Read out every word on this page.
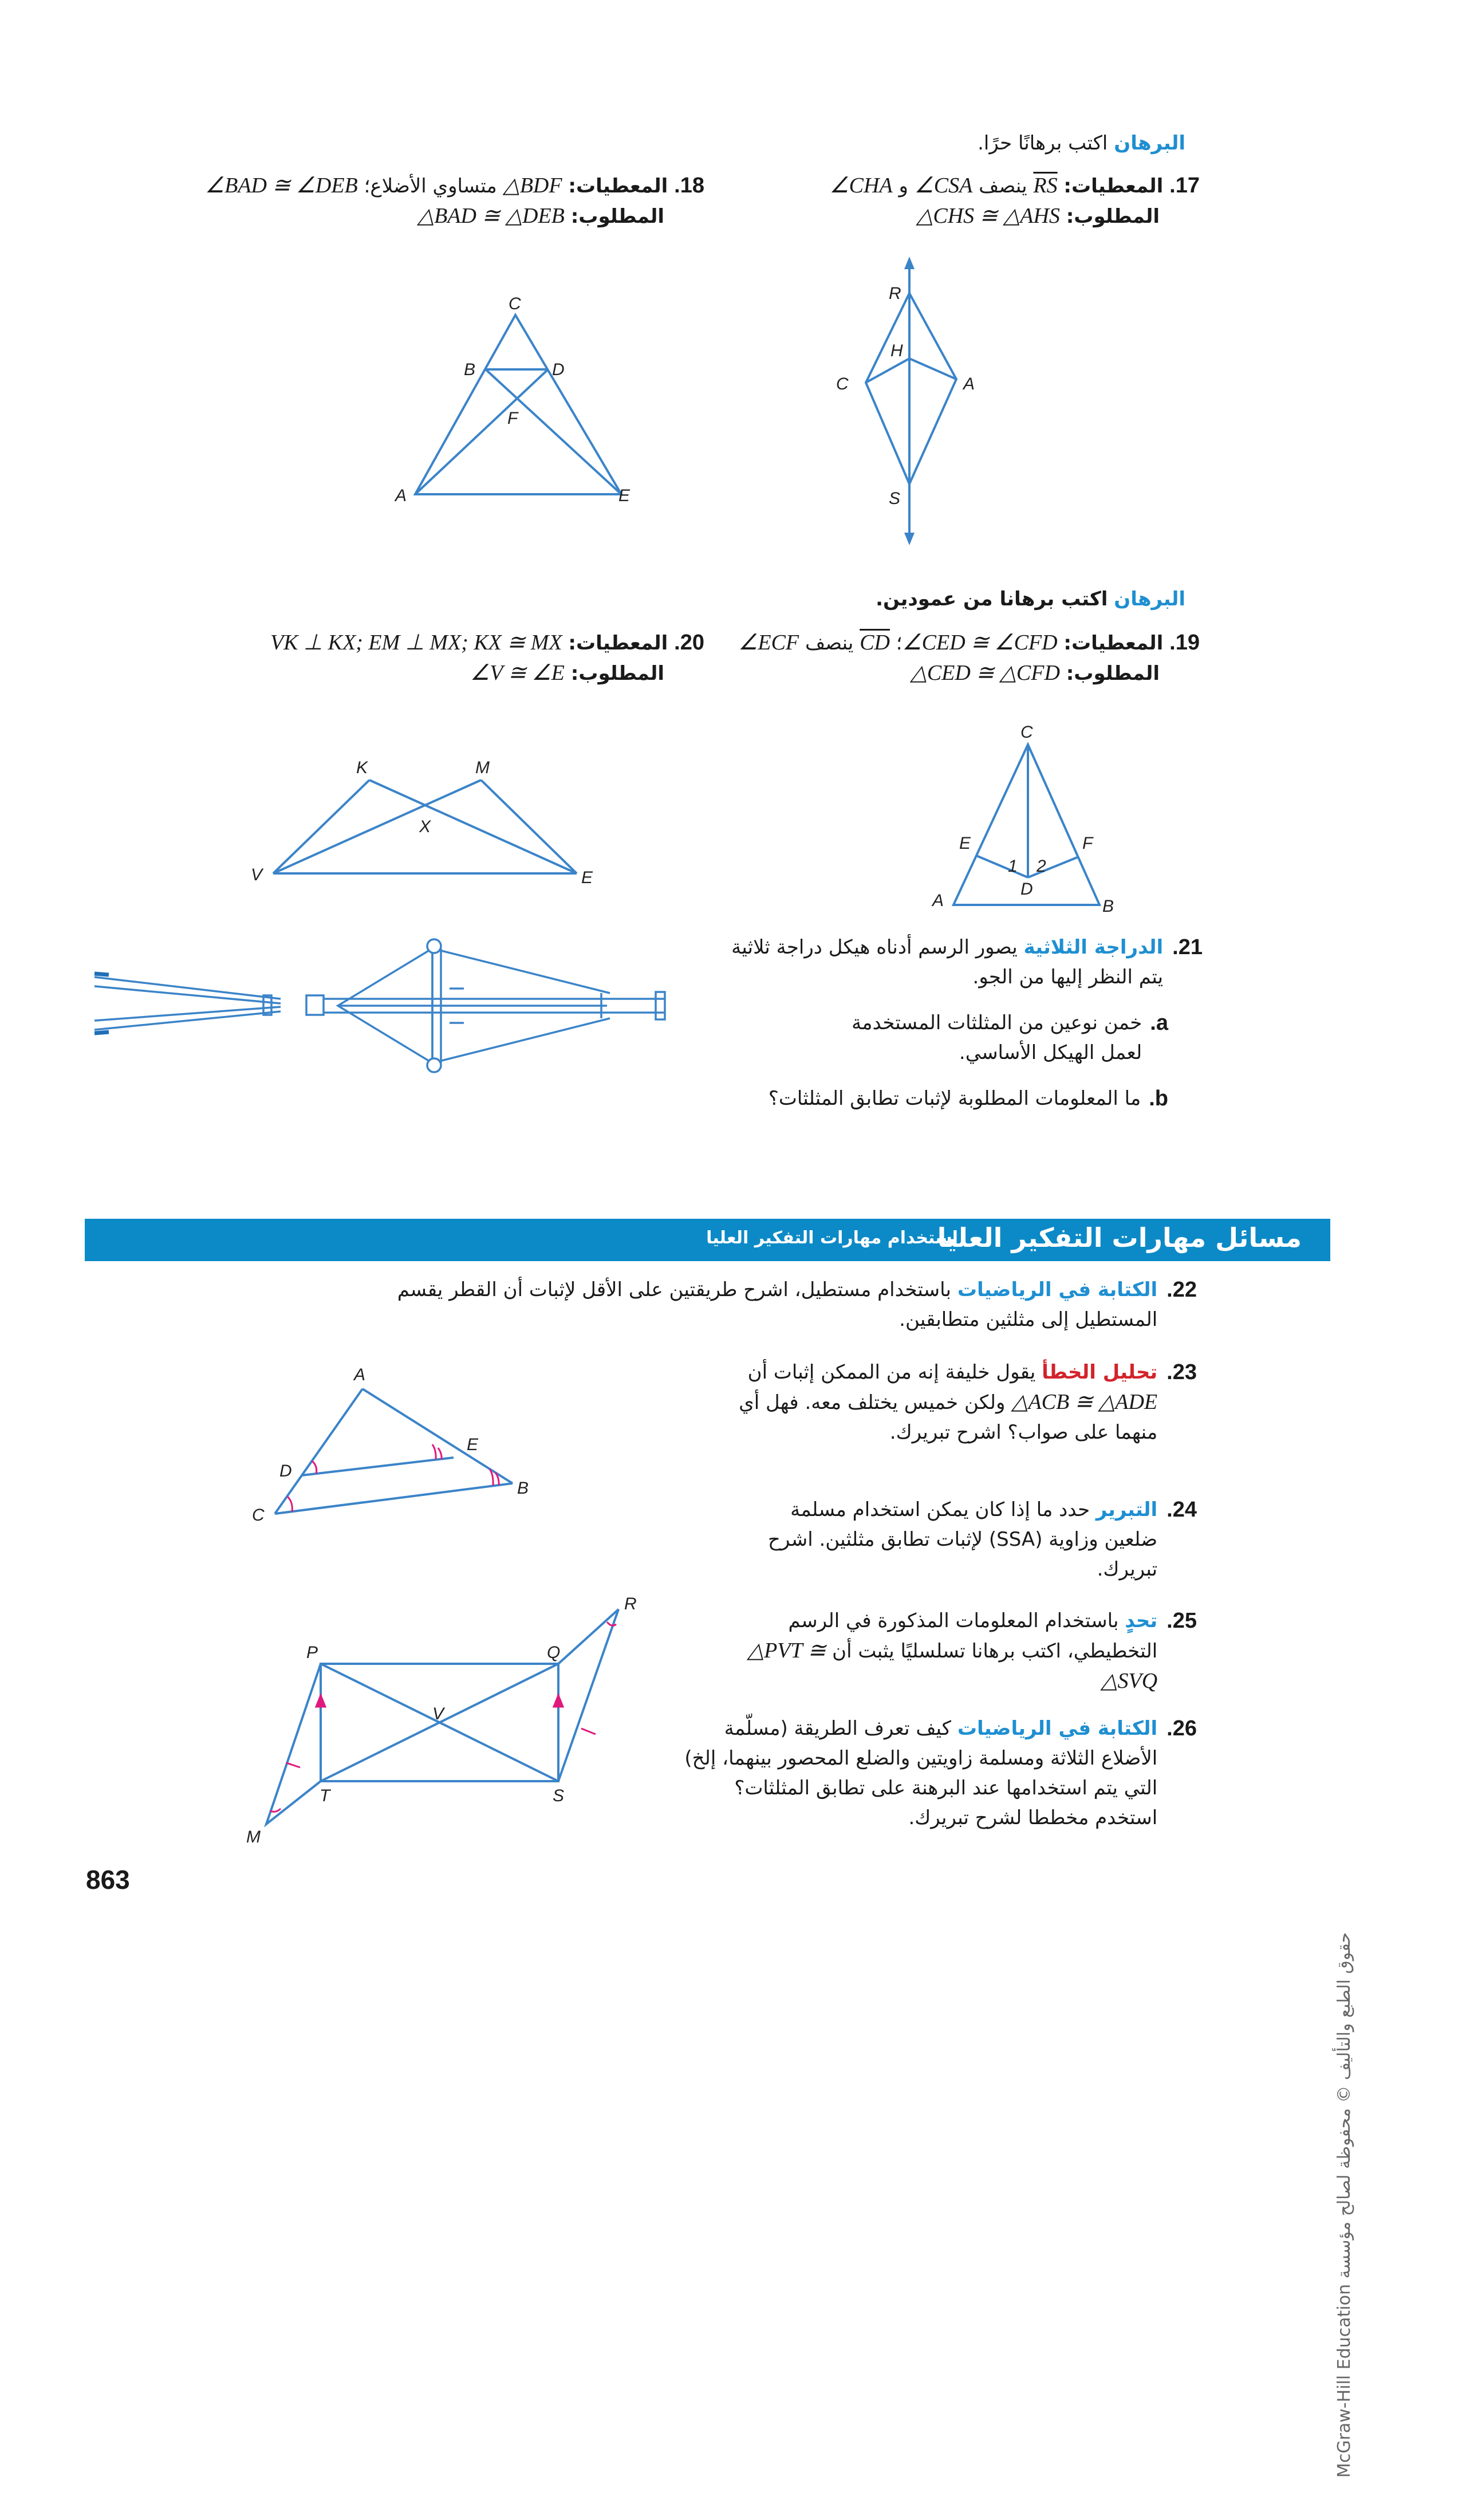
البرهان اكتب برهانًا حرًا.
17. المعطيات: $\overline{RS}$ ينصف ∠CSA و ∠CHA
المطلوب: △CHS ≅ △AHS
18. المعطيات: △BDF متساوي الأضلاع؛ ∠BAD ≅ ∠DEB
المطلوب: △BAD ≅ △DEB
R
H
C	A
S
C
B	D
F
A	E
البرهان اكتب برهانا من عمودين.
19. المعطيات: ∠CED ≅ ∠CFD؛ $\overline{CD}$ ينصف ∠ECF
المطلوب: △CED ≅ △CFD
20. المعطيات: VK ⊥ KX; EM ⊥ MX; KX ≅ MX
المطلوب: ∠V ≅ ∠E
C
E	F
1 2
D
A	B
K	M
X
V	E
21.
الدراجة الثلاثية يصور الرسم أدناه هيكل دراجة ثلاثية يتم النظر إليها من الجو.
a.
خمن نوعين من المثلثات المستخدمة لعمل الهيكل الأساسي.
b.
ما المعلومات المطلوبة لإثبات تطابق المثلثات؟
مسائل مهارات التفكير العليا
استخدام مهارات التفكير العليا
22.
الكتابة في الرياضيات باستخدام مستطيل، اشرح طريقتين على الأقل لإثبات أن القطر يقسم المستطيل إلى مثلثين متطابقين.
23.
تحليل الخطأ يقول خليفة إنه من الممكن إثبات أن △ACB ≅ △ADE ولكن خميس يختلف معه. فهل أي منهما على صواب؟ اشرح تبريرك.
A
D
E
C
B
24.
التبرير حدد ما إذا كان يمكن استخدام مسلمة ضلعين وزاوية (SSA) لإثبات تطابق مثلثين. اشرح تبريرك.
25.
تحدٍ باستخدام المعلومات المذكورة في الرسم التخطيطي، اكتب برهانا تسلسليًا يثبت أن △PVT ≅ △SVQ
R
P	Q
V
T	S
M
26.
الكتابة في الرياضيات كيف تعرف الطريقة (مسلّمة الأضلاع الثلاثة ومسلمة زاويتين والضلع المحصور بينهما، إلخ) التي يتم استخدامها عند البرهنة على تطابق المثلثات؟ استخدم مخططا لشرح تبريرك.
حقوق الطبع والتأليف © محفوظة لصالح مؤسسة McGraw-Hill Education
863
